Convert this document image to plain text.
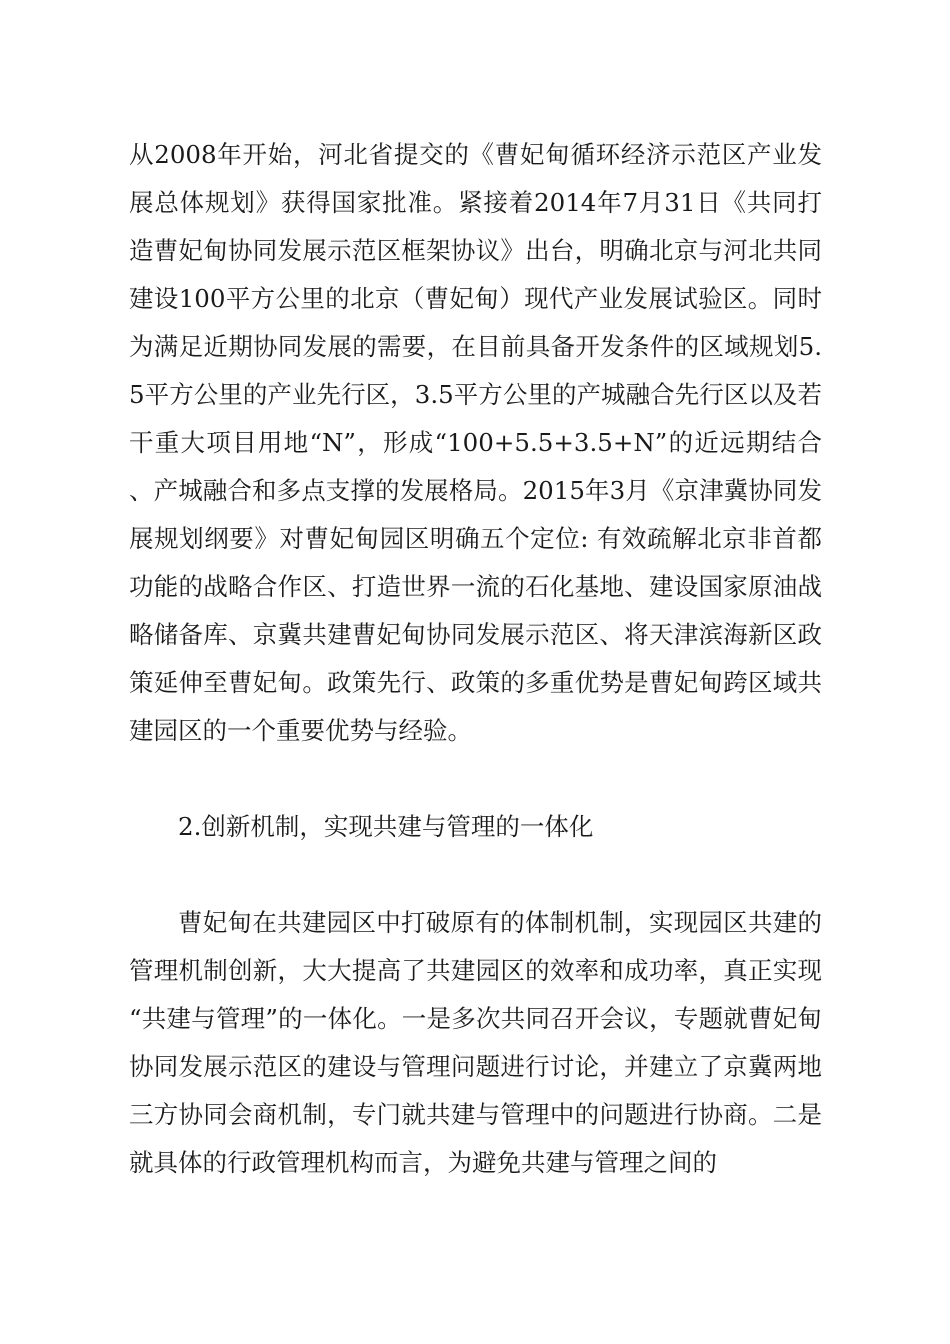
从2008年开始，河北省提交的《曹妃甸循环经济示范区产业发展总体规划》获得国家批准。紧接着2014年7月31日《共同打造曹妃甸协同发展示范区框架协议》出台，明确北京与河北共同建设100平方公里的北京（曹妃甸）现代产业发展试验区。同时为满足近期协同发展的需要，在目前具备开发条件的区域规划5.5平方公里的产业先行区，3.5平方公里的产城融合先行区以及若干重大项目用地“N”，形成“100+5.5+3.5+N”的近远期结合、产城融合和多点支撑的发展格局。2015年3月《京津冀协同发展规划纲要》对曹妃甸园区明确五个定位: 有效疏解北京非首都功能的战略合作区、打造世界一流的石化基地、建设国家原油战略储备库、京冀共建曹妃甸协同发展示范区、将天津滨海新区政策延伸至曹妃甸。政策先行、政策的多重优势是曹妃甸跨区域共建园区的一个重要优势与经验。

2.创新机制，实现共建与管理的一体化

曹妃甸在共建园区中打破原有的体制机制，实现园区共建的管理机制创新，大大提高了共建园区的效率和成功率，真正实现“共建与管理”的一体化。一是多次共同召开会议，专题就曹妃甸协同发展示范区的建设与管理问题进行讨论，并建立了京冀两地三方协同会商机制，专门就共建与管理中的问题进行协商。二是就具体的行政管理机构而言，为避免共建与管理之间的
